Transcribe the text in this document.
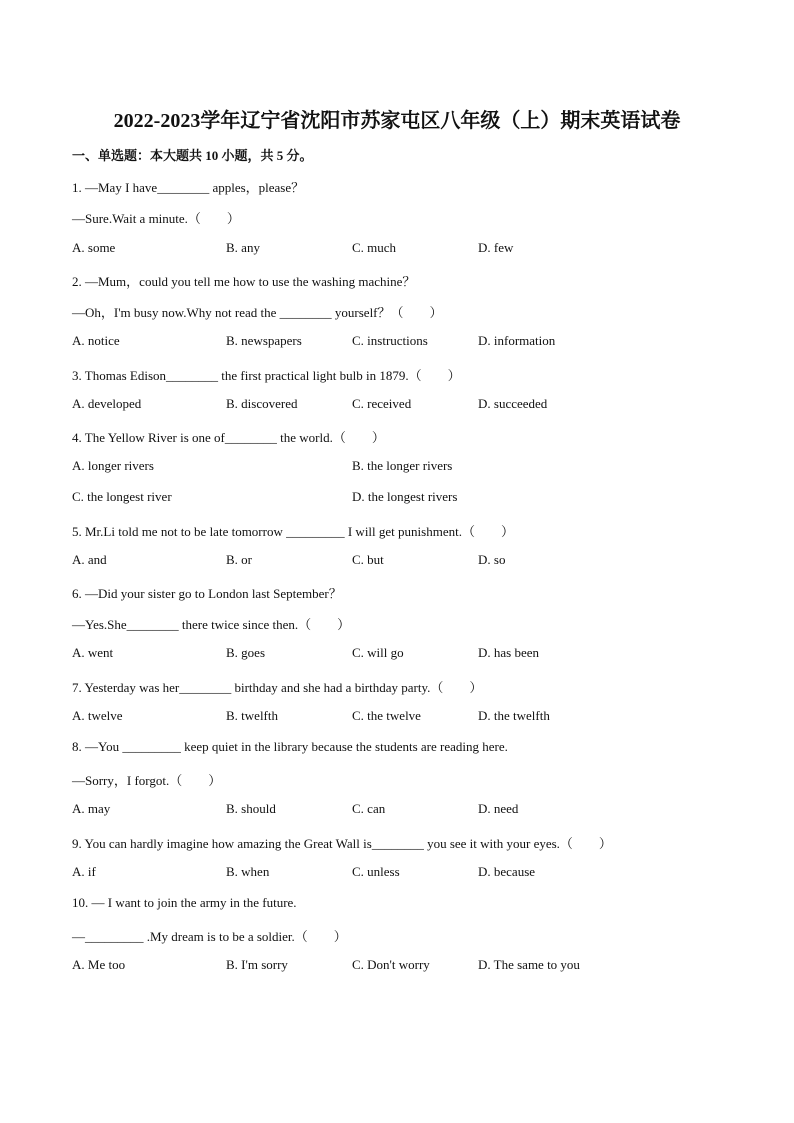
2022-2023学年辽宁省沈阳市苏家屯区八年级（上）期末英语试卷
一、单选题：本大题共 10 小题，共 5 分。
1. —May I have________ apples，please？
—Sure.Wait a minute.（　　）
A. some	B. any	C. much	D. few
2. —Mum，could you tell me how to use the washing machine？
—Oh，I'm busy now.Why not read the ________ yourself？（　　）
A. notice	B. newspapers	C. instructions	D. information
3. Thomas Edison________ the first practical light bulb in 1879.（　　）
A. developed	B. discovered	C. received	D. succeeded
4. The Yellow River is one of________ the world.（　　）
A. longer rivers	B. the longer rivers
C. the longest river	D. the longest rivers
5. Mr.Li told me not to be late tomorrow _________ I will get punishment.（　　）
A. and	B. or	C. but	D. so
6. —Did your sister go to London last September？
—Yes.She________ there twice since then.（　　）
A. went	B. goes	C. will go	D. has been
7. Yesterday was her________ birthday and she had a birthday party.（　　）
A. twelve	B. twelfth	C. the twelve	D. the twelfth
8. —You _________ keep quiet in the library because the students are reading here.
—Sorry，I forgot.（　　）
A. may	B. should	C. can	D. need
9. You can hardly imagine how amazing the Great Wall is________ you see it with your eyes.（　　）
A. if	B. when	C. unless	D. because
10. — I want to join the army in the future.
—_________ .My dream is to be a soldier.（　　）
A. Me too	B. I'm sorry	C. Don't worry	D. The same to you
